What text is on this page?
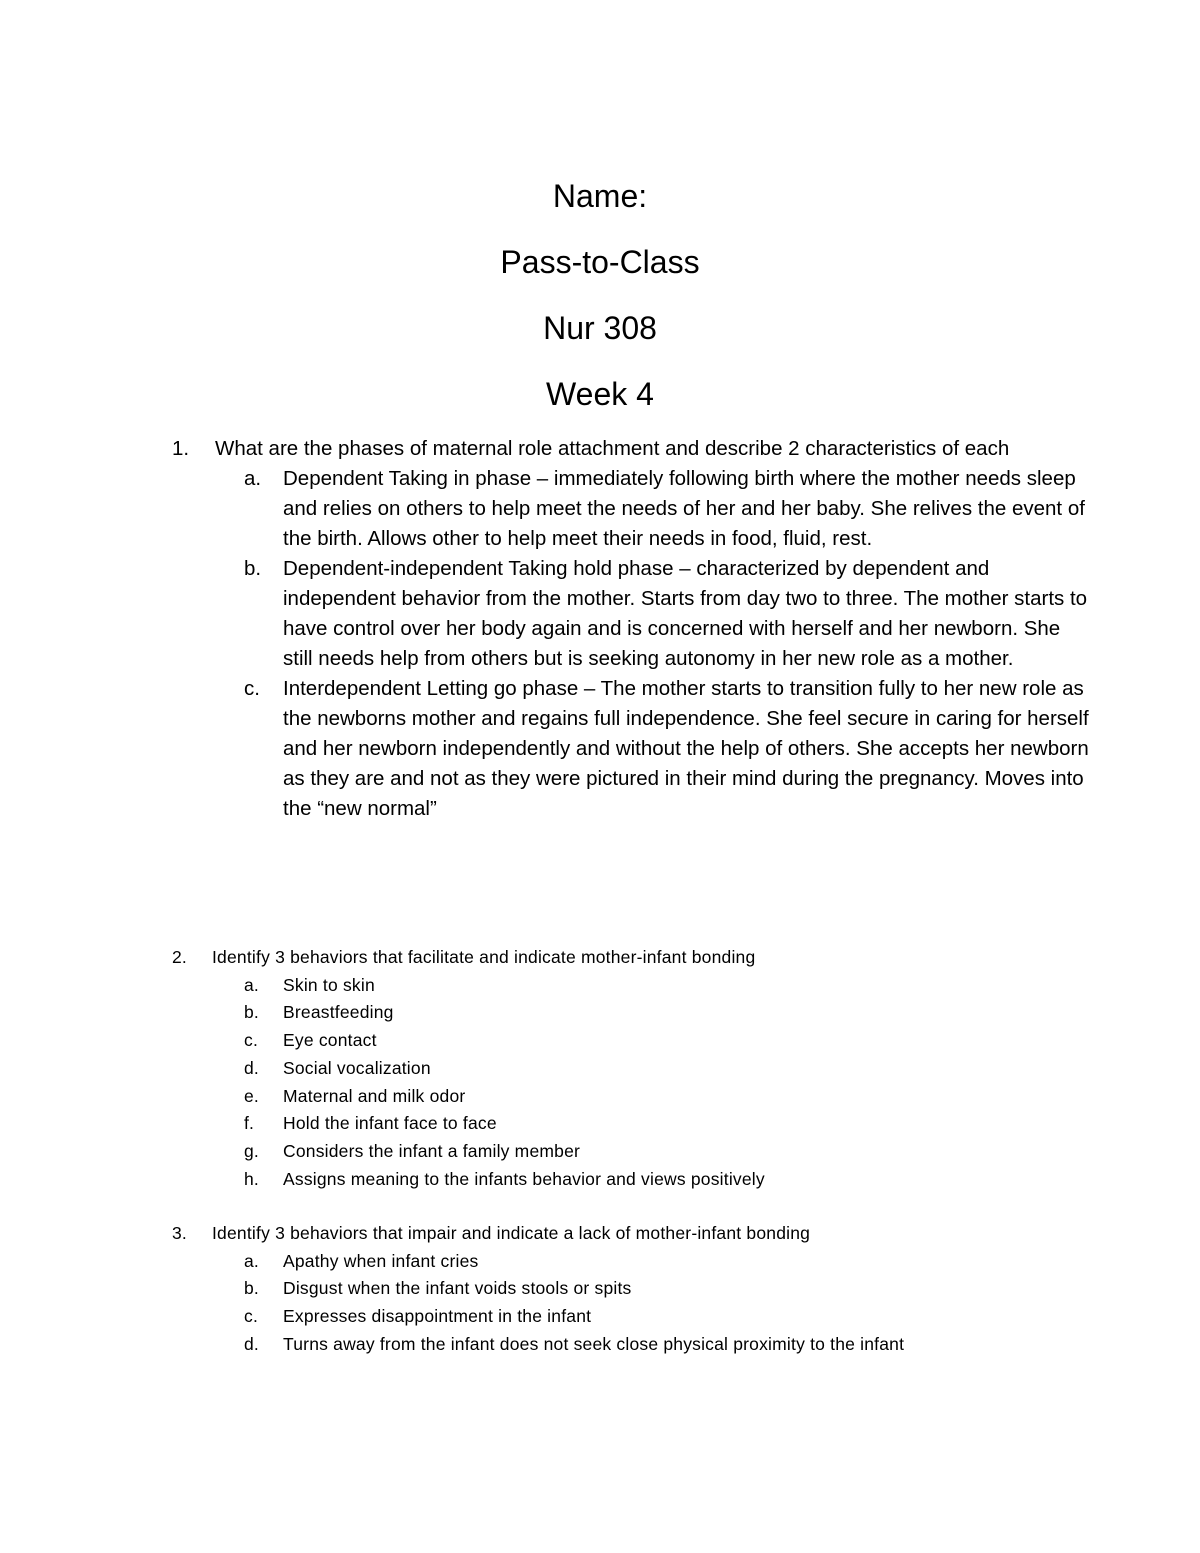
Name:
Pass-to-Class
Nur 308
Week 4
1.	What are the phases of maternal role attachment and describe 2 characteristics of each
a.	Dependent Taking in phase – immediately following birth where the mother needs sleep and relies on others to help meet the needs of her and her baby. She relives the event of the birth. Allows other to help meet their needs in food, fluid, rest.
b.	Dependent-independent Taking hold phase – characterized by dependent and independent behavior from the mother. Starts from day two to three. The mother starts to have control over her body again and is concerned with herself and her newborn. She still needs help from others but is seeking autonomy in her new role as a mother.
c.	Interdependent Letting go phase – The mother starts to transition fully to her new role as the newborns mother and regains full independence. She feel secure in caring for herself and her newborn independently and without the help of others. She accepts her newborn as they are and not as they were pictured in their mind during the pregnancy. Moves into the “new normal”
2.	Identify 3 behaviors that facilitate and indicate mother-infant bonding
a.	Skin to skin
b.	Breastfeeding
c.	Eye contact
d.	Social vocalization
e.	Maternal and milk odor
f.	Hold the infant face to face
g.	Considers the infant a family member
h.	Assigns meaning to the infants behavior and views positively
3.	Identify 3 behaviors that impair and indicate a lack of mother-infant bonding
a.	Apathy when infant cries
b.	Disgust when the infant voids stools or spits
c.	Expresses disappointment in the infant
d.	Turns away from the infant does not seek close physical proximity to the infant
